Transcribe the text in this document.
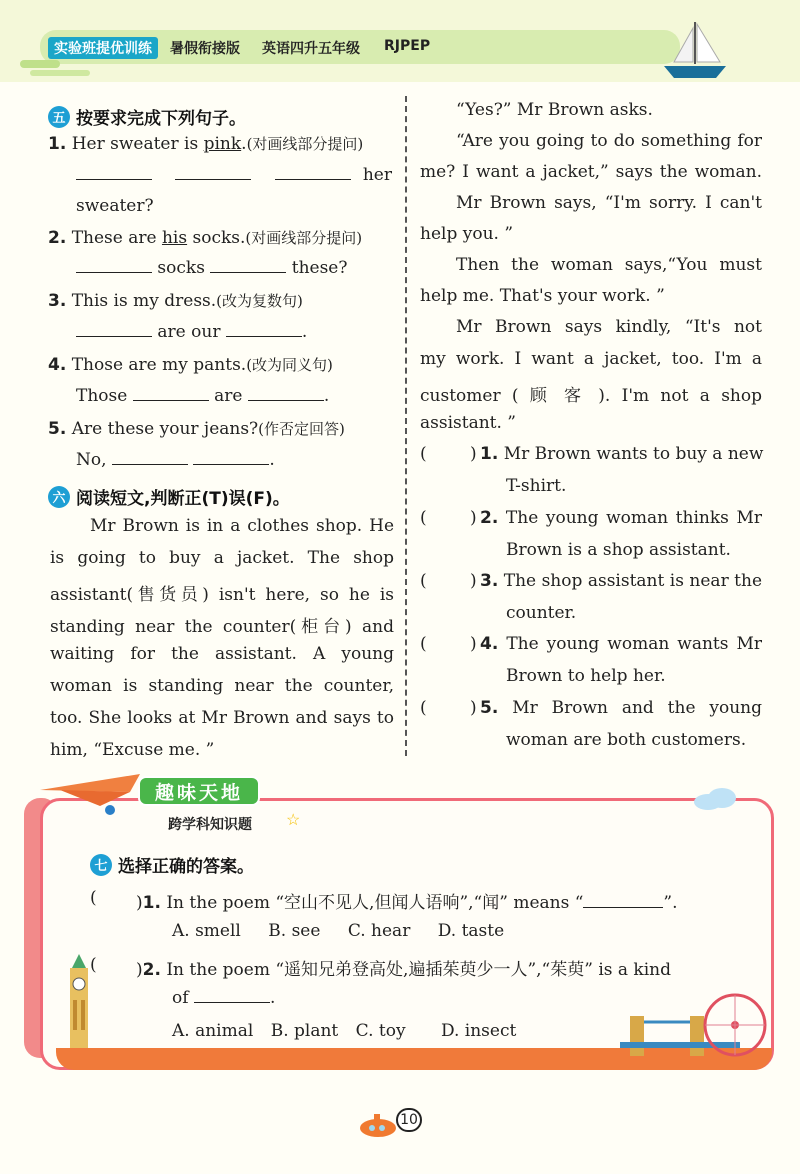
实验班提优训练	暑假衔接版 英语四升五年级 RJPEP
五 按要求完成下列句子。
1. Her sweater is pink.(对画线部分提问)

her
sweater?
2. These are his socks.(对画线部分提问)
socks	these?
3. This is my dress.(改为复数句)
are our	.
4. Those are my pants.(改为同义句)
Those	are	.
5. Are these your jeans?(作否定回答)
No,	.
六 阅读短文,判断正(T)误(F)。
Mr Brown is in a clothes shop. He
is going to buy a jacket. The shop
assistant(售货员) isn't here, so he is
standing near the counter(柜台) and
waiting for the assistant. A young
woman is standing near the counter,
too. She looks at Mr Brown and says to
him, “Excuse me. ”
“Yes?” Mr Brown asks.
“Are you going to do something for
me? I want a jacket,” says the woman.
Mr Brown says, “I'm sorry. I can't
help you. ”
Then the woman says,“You must
help me. That's your work. ”
Mr Brown says kindly, “It's not
my work. I want a jacket, too. I'm a
customer ( 顾 客 ). I'm not a shop
assistant. ”
(	) 1. Mr Brown wants to buy a new
T-shirt.
(	) 2. The young woman thinks Mr
Brown is a shop assistant.
(	) 3. The shop assistant is near the
counter.
(	) 4. The young woman wants Mr
Brown to help her.
(	) 5. Mr Brown and the young
woman are both customers.
趣味天地
跨学科知识题 ☆
七 选择正确的答案。
( )1. In the poem “空山不见人,但闻人语响”,“闻” means “	”.
A. smell B. see C. hear D. taste
( )2. In the poem “遥知兄弟登高处,遍插茱萸少一人”,“茱萸” is a kind
of	.
A. animal B. plant C. toy D. insect
10
